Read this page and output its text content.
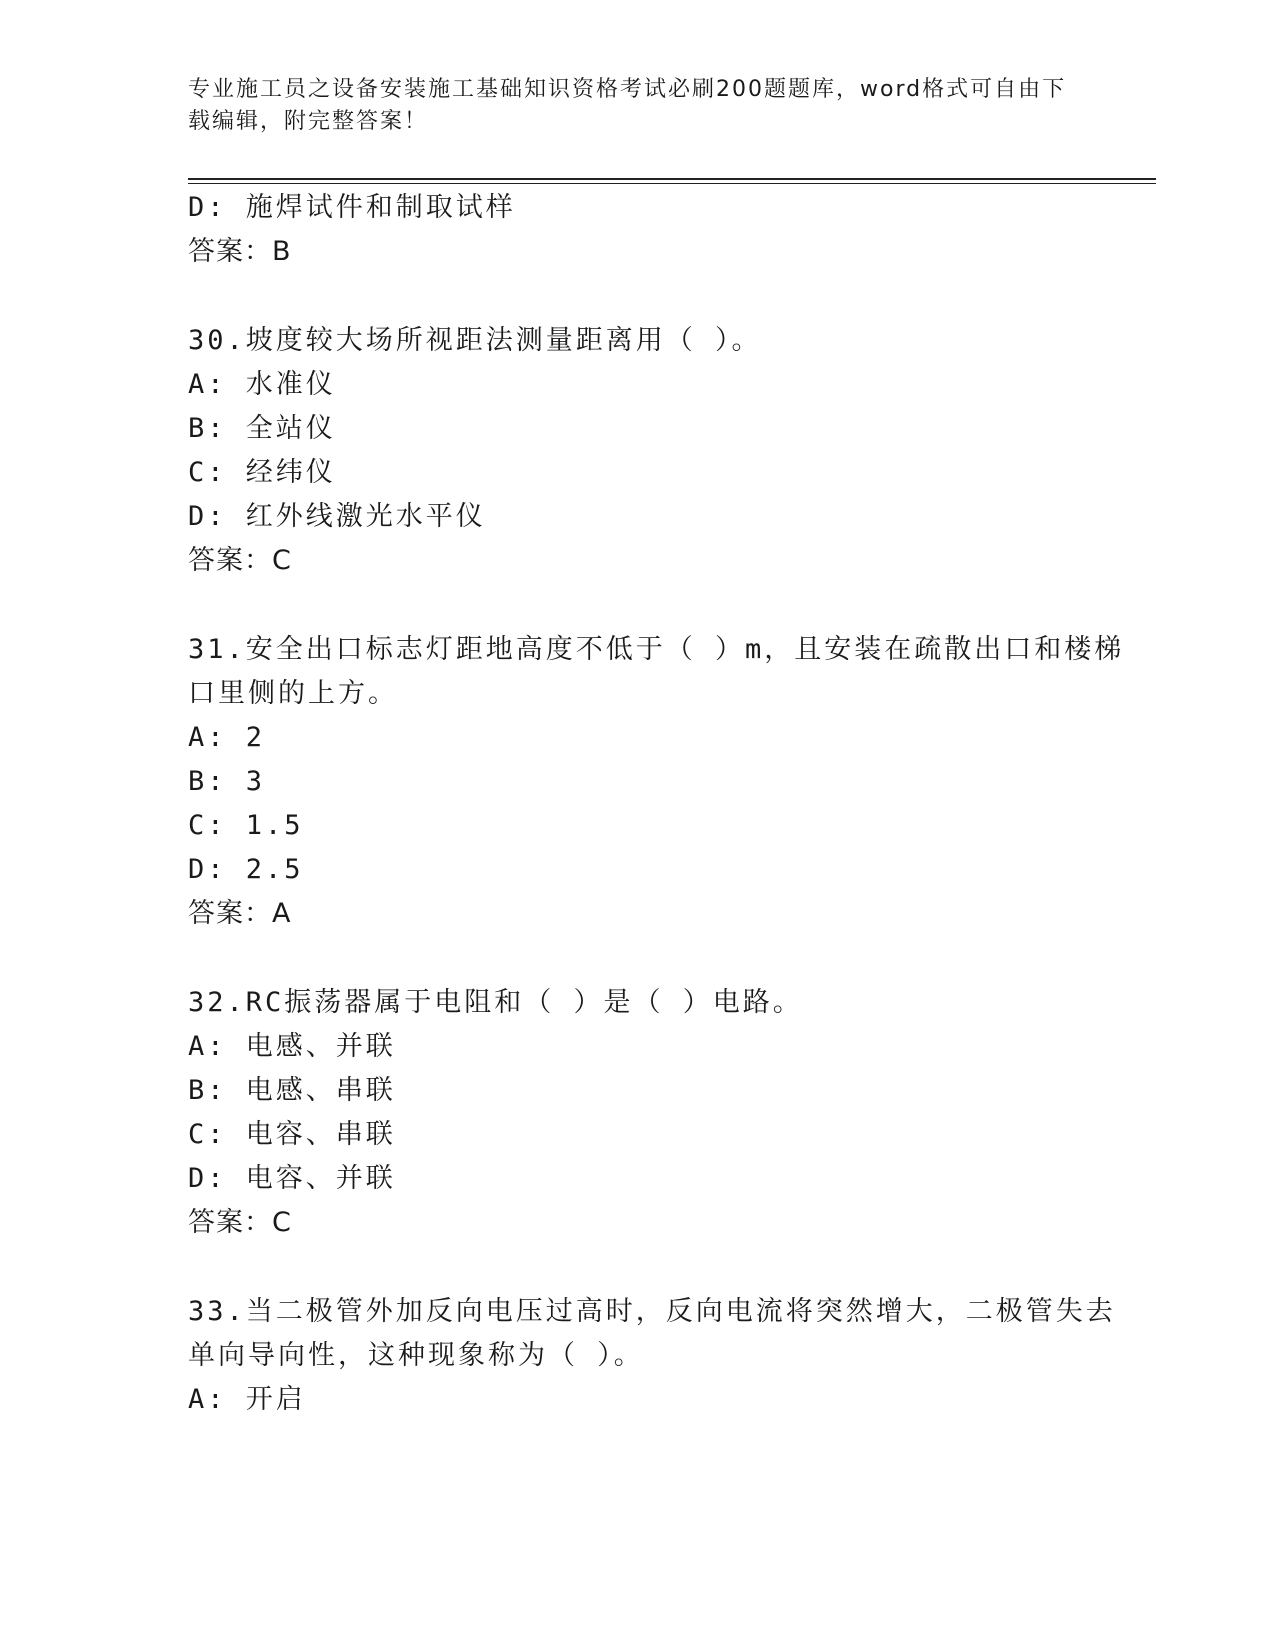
专业施工员之设备安装施工基础知识资格考试必刷200题题库，word格式可自由下载编辑，附完整答案！
D: 施焊试件和制取试样
答案：B
30.坡度较大场所视距法测量距离用（ ）。
A: 水准仪
B: 全站仪
C: 经纬仪
D: 红外线激光水平仪
答案：C
31.安全出口标志灯距地高度不低于（ ）m，且安装在疏散出口和楼梯
口里侧的上方。
A: 2
B: 3
C: 1.5
D: 2.5
答案：A
32.RC振荡器属于电阻和（ ）是（ ）电路。
A: 电感、并联
B: 电感、串联
C: 电容、串联
D: 电容、并联
答案：C
33.当二极管外加反向电压过高时，反向电流将突然增大，二极管失去
单向导向性，这种现象称为（ ）。
A: 开启
